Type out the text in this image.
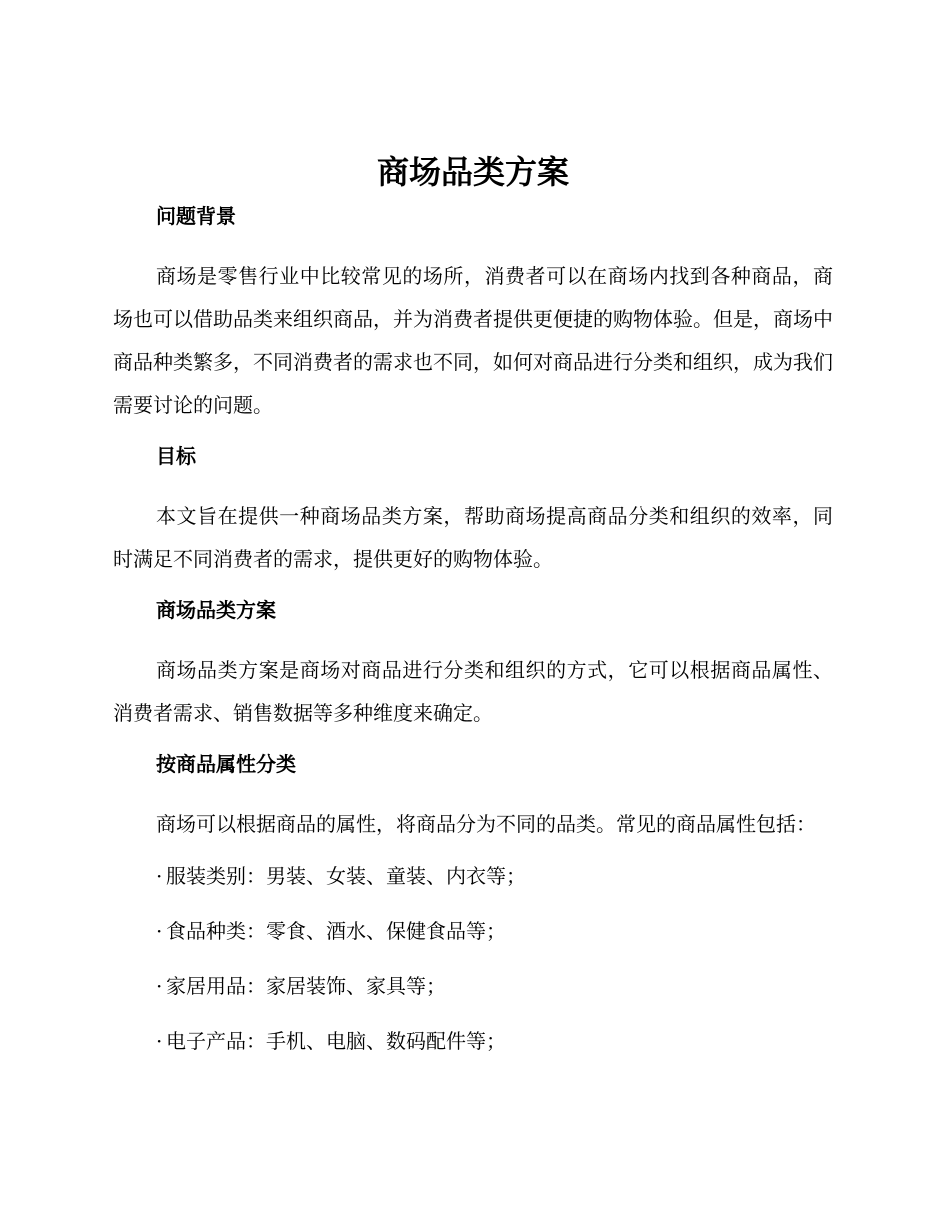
商场品类方案
问题背景

商场是零售行业中比较常见的场所，消费者可以在商场内找到各种商品，商场也可以借助品类来组织商品，并为消费者提供更便捷的购物体验。但是，商场中商品种类繁多，不同消费者的需求也不同，如何对商品进行分类和组织，成为我们需要讨论的问题。

目标

本文旨在提供一种商场品类方案，帮助商场提高商品分类和组织的效率，同时满足不同消费者的需求，提供更好的购物体验。

商场品类方案

商场品类方案是商场对商品进行分类和组织的方式，它可以根据商品属性、消费者需求、销售数据等多种维度来确定。

按商品属性分类

商场可以根据商品的属性，将商品分为不同的品类。常见的商品属性包括：

· 服装类别：男装、女装、童装、内衣等；
· 食品种类：零食、酒水、保健食品等；
· 家居用品：家居装饰、家具等；
· 电子产品：手机、电脑、数码配件等；
